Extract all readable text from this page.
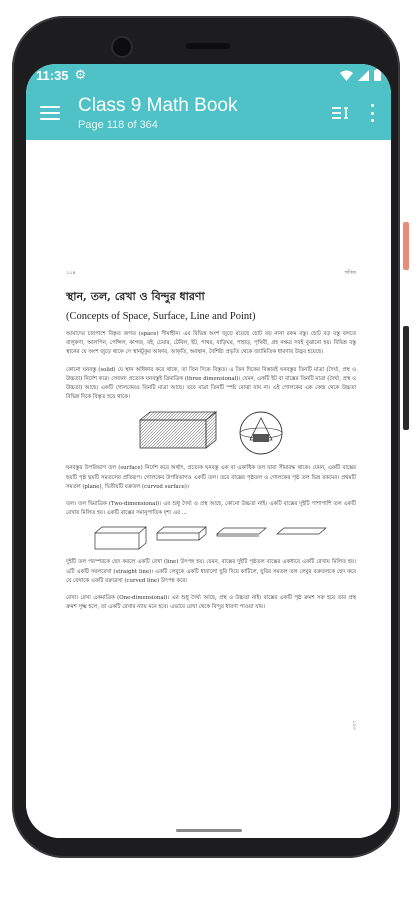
11:35 ⚙
Class 9 Math Book
Page 118 of 364
১১৪	গণিত
স্থান, তল, রেখা ও বিন্দুর ধারণা
(Concepts of Space, Surface, Line and Point)
আমাদের চারপাশে বিস্তৃত জগত (space) সীমাহীন। এর বিভিন্ন অংশ জুড়ে রয়েছে ছোট বড় নানা রকম বস্তু। ছোট বড় বস্তু বলতে বালুকণা, আলপিন, পেন্সিল, কাগজ, বই, চেয়ার, টেবিল, ইট, পাথর, বাড়িঘর, পাহাড়, পৃথিবী, গ্রহ নক্ষত্র সবই বুঝানো হয়। বিভিন্ন বস্তু স্থানের যে অংশ জুড়ে থাকে সে স্থানটুকুর আকার, আকৃতি, অবস্থান, বৈশিষ্ট্য প্রভৃতি থেকে জ্যামিতিক ধারণার উদ্ভব হয়েছে।
কোনো ঘনবস্তু (solid) যে স্থান অধিকার করে থাকে, তা তিন দিকে বিস্তৃত। এ তিন দিকের বিস্তারই ঘনবস্তুর তিনটি মাত্রা (দৈর্ঘ্য, প্রস্থ ও উচ্চতা) নির্দেশ করে। সেজন্য প্রত্যেক ঘনবস্তুই ত্রিমাত্রিক (three dimensional)। যেমন, একটি ইট বা বাক্সের তিনটি মাত্রা (দৈর্ঘ্য, প্রস্থ ও উচ্চতা) আছে। একটি গোলকেরও তিনটি মাত্রা আছে। তবে মাত্রা তিনটি স্পষ্ট বোঝা যায় না। এই গোলকের এক কেন্দ্র থেকে উচ্চতা বিভিন্ন দিকে বিস্তৃত হয়ে থাকে।
ঘনবস্তুর উপরিভাগ তল (surface) নির্দেশ করে অর্থাৎ, প্রত্যেক ঘনবস্তু এক বা একাধিক তল দ্বারা সীমাবদ্ধ থাকে। যেমন, একটি বাক্সের ছয়টি পৃষ্ঠ ছয়টি সমতলের প্রতিরূপ। গোলকের উপরিভাগও একটি তল। তবে বাক্সের পৃষ্ঠতল ও গোলকের পৃষ্ঠ তল ভিন্ন রকমের। প্রথমটি সমতল (plane), দ্বিতীয়টি বক্রতল (curved surface)।
তল। তল দ্বিমাত্রিক (Two-dimensional)। এর শুধু দৈর্ঘ্য ও প্রস্থ আছে, কোনো উচ্চতা নাই। একটি বাক্সের দুইটি পাশাপাশি তল একটি রেখায় মিলিত হয়। একটি বাক্সের সমানুপাতিক দৃশ্য এর ...
দুইটি তল পরস্পরকে ছেদ করলে একটি রেখা (line) উৎপন্ন হয়। যেমন, বাক্সের দুইটি পৃষ্ঠতল বাক্সের একধারে একটি রেখায় মিলিত হয়। এটি একটি সরলরেখা (straight line)। একটি লেবুকে একটি ধারালো ছুরি দিয়ে কাটিলে, ছুরির সমতল তল লেবুর বক্রতলকে ছেদ করে যে রেখাকে একটি বক্ররেখা (curved line) উৎপন্ন করে।
রেখা। রেখা একমাত্রিক (One-dimensional)। এর শুধু দৈর্ঘ্য আছে, প্রস্থ ও উচ্চতা নাই। বাক্সের একটি পৃষ্ঠ ক্রমশ সরু হয়ে তার প্রস্থ ক্রমশ সূক্ষ্ম হলে, তা একটি রেখার ন্যায় মনে হবে। এভাবে রেখা থেকে বিন্দুর ধারণা পাওয়া যায়।
১২৩
